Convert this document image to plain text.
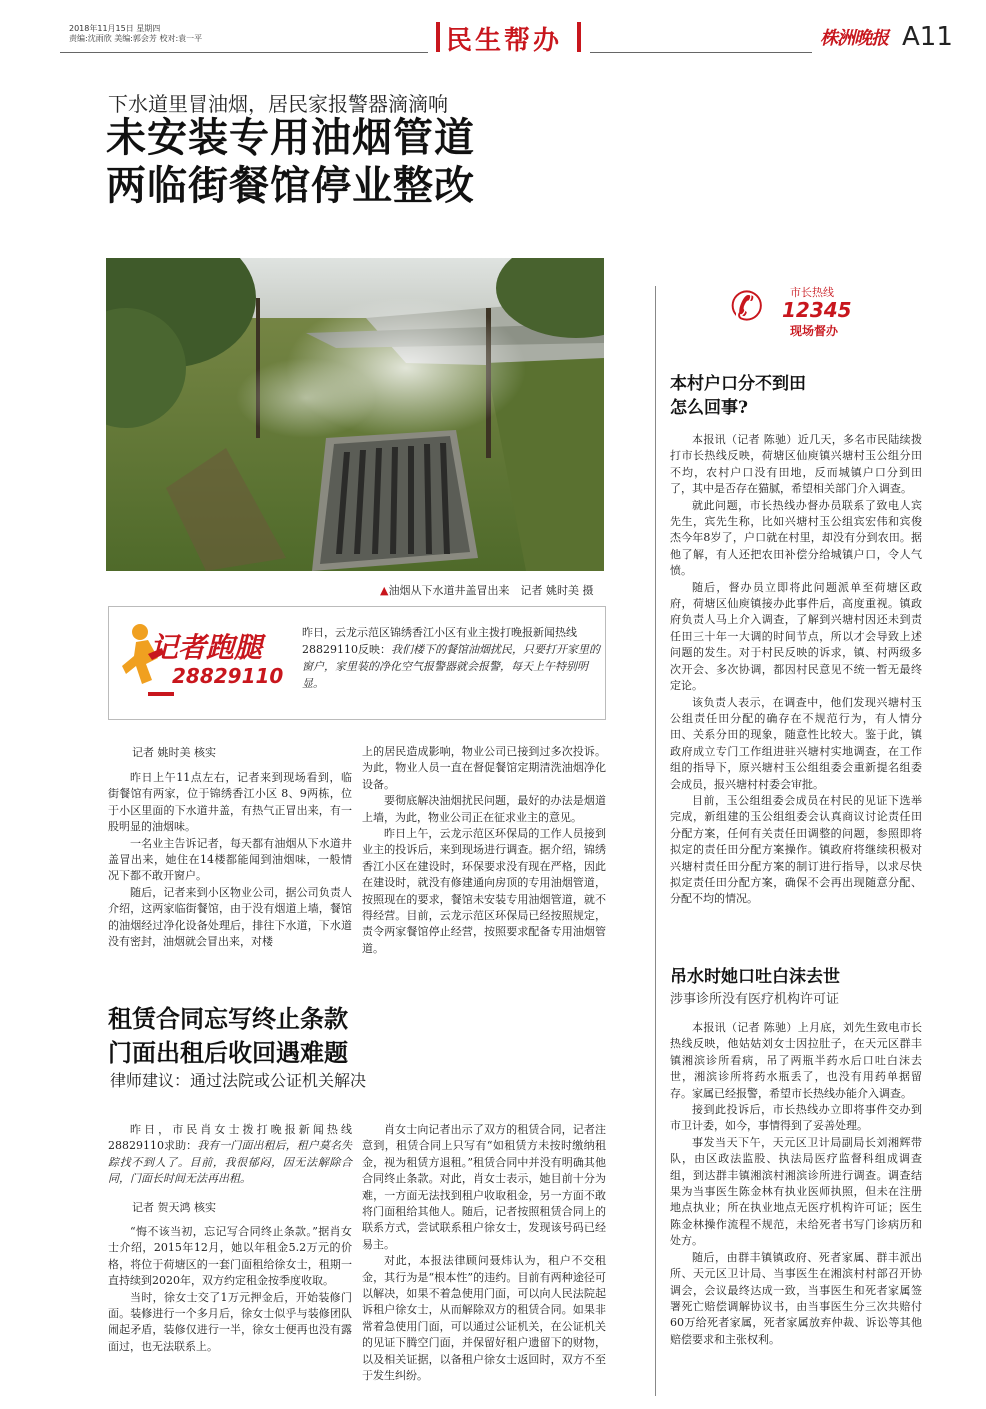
2018年11月15日 星期四
责编:沈雨欣 美编:郭会芳 校对:袁一平	民生帮办	株洲晚报 A11
下水道里冒油烟，居民家报警器滴滴响
未安装专用油烟管道
两临街餐馆停业整改
▲油烟从下水道井盖冒出来　记者 姚时美 摄
记者跑腿
28829110
昨日，云龙示范区锦绣香江小区有业主拨打晚报新闻热线28829110反映：我们楼下的餐馆油烟扰民，只要打开家里的窗户，家里装的净化空气报警器就会报警，每天上午特别明显。
记者 姚时美 核实

昨日上午11点左右，记者来到现场看到，临街餐馆有两家，位于锦绣香江小区 8、9两栋，位于小区里面的下水道井盖，有热气正冒出来，有一股明显的油烟味。

一名业主告诉记者，每天都有油烟从下水道井盖冒出来，她住在14楼都能闻到油烟味，一般情况下都不敢开窗户。

随后，记者来到小区物业公司，据公司负责人介绍，这两家临街餐馆，由于没有烟道上墙，餐馆的油烟经过净化设备处理后，排往下水道，下水道没有密封，油烟就会冒出来，对楼

上的居民造成影响，物业公司已接到过多次投诉。为此，物业人员一直在督促餐馆定期清洗油烟净化设备。

要彻底解决油烟扰民问题，最好的办法是烟道上墙，为此，物业公司正在征求业主的意见。

昨日上午，云龙示范区环保局的工作人员接到业主的投诉后，来到现场进行调查。据介绍，锦绣香江小区在建设时，环保要求没有现在严格，因此在建设时，就没有修建通向房顶的专用油烟管道，按照现在的要求，餐馆未安装专用油烟管道，就不得经营。目前，云龙示范区环保局已经按照规定，责令两家餐馆停止经营，按照要求配备专用油烟管道。

租赁合同忘写终止条款
门面出租后收回遇难题
律师建议：通过法院或公证机关解决

昨日，市民肖女士拨打晚报新闻热线28829110求助：我有一门面出租后，租户莫名失踪找不到人了。目前，我很郁闷，因无法解除合同，门面长时间无法再出租。

记者 贺天鸿 核实

“悔不该当初，忘记写合同终止条款。”据肖女士介绍，2015年12月，她以年租金5.2万元的价格，将位于荷塘区的一套门面租给徐女士，租期一直持续到2020年，双方约定租金按季度收取。

当时，徐女士交了1万元押金后，开始装修门面。装修进行一个多月后，徐女士似乎与装修团队闹起矛盾，装修仅进行一半，徐女士便再也没有露面过，也无法联系上。

肖女士向记者出示了双方的租赁合同，记者注意到，租赁合同上只写有“如租赁方未按时缴纳租金，视为租赁方退租。”租赁合同中并没有明确其他合同终止条款。对此，肖女士表示，她目前十分为难，一方面无法找到租户收取租金，另一方面不敢将门面租给其他人。随后，记者按照租赁合同上的联系方式，尝试联系租户徐女士，发现该号码已经易主。

对此，本报法律顾问聂炜认为，租户不交租金，其行为是“根本性”的违约。目前有两种途径可以解决，如果不着急使用门面，可以向人民法院起诉租户徐女士，从而解除双方的租赁合同。如果非常着急使用门面，可以通过公证机关，在公证机关的见证下腾空门面，并保留好租户遗留下的财物，以及相关证据，以备租户徐女士返回时，双方不至于发生纠纷。

✆ 市长热线
12345
现场督办
本村户口分不到田
怎么回事?

本报讯（记者 陈驰）近几天，多名市民陆续拨打市长热线反映，荷塘区仙庾镇兴塘村玉公组分田不均，农村户口没有田地，反而城镇户口分到田了，其中是否存在猫腻，希望相关部门介入调查。

就此问题，市长热线办督办员联系了致电人宾先生，宾先生称，比如兴塘村玉公组宾宏伟和宾俊杰今年8岁了，户口就在村里，却没有分到农田。据他了解，有人还把农田补偿分给城镇户口，令人气愤。

随后，督办员立即将此问题派单至荷塘区政府，荷塘区仙庾镇接办此事件后，高度重视。镇政府负责人马上介入调查，了解到兴塘村因还未到责任田三十年一大调的时间节点，所以才会导致上述问题的发生。对于村民反映的诉求，镇、村两级多次开会、多次协调，都因村民意见不统一暂无最终定论。

该负责人表示，在调查中，他们发现兴塘村玉公组责任田分配的确存在不规范行为，有人情分田、关系分田的现象，随意性比较大。鉴于此，镇政府成立专门工作组进驻兴塘村实地调查，在工作组的指导下，原兴塘村玉公组组委会重新提名组委会成员，报兴塘村村委会审批。

目前，玉公组组委会成员在村民的见证下选举完成，新组建的玉公组组委会认真商议讨论责任田分配方案，任何有关责任田调整的问题，参照即将拟定的责任田分配方案操作。镇政府将继续积极对兴塘村责任田分配方案的制订进行指导，以求尽快拟定责任田分配方案，确保不会再出现随意分配、分配不均的情况。

吊水时她口吐白沫去世
涉事诊所没有医疗机构许可证

本报讯（记者 陈驰）上月底，刘先生致电市长热线反映，他姑姑刘女士因拉肚子，在天元区群丰镇湘滨诊所看病，吊了两瓶半药水后口吐白沫去世，湘滨诊所将药水瓶丢了，也没有用药单据留存。家属已经报警，希望市长热线办能介入调查。

接到此投诉后，市长热线办立即将事件交办到市卫计委，如今，事情得到了妥善处理。

事发当天下午，天元区卫计局副局长刘湘辉带队，由区政法监股、执法局医疗监督科组成调查组，到达群丰镇湘滨村湘滨诊所进行调查。调查结果为当事医生陈金林有执业医师执照，但未在注册地点执业；所在执业地点无医疗机构许可证；医生陈金林操作流程不规范，未给死者书写门诊病历和处方。

随后，由群丰镇镇政府、死者家属、群丰派出所、天元区卫计局、当事医生在湘滨村村部召开协调会，会议最终达成一致，当事医生和死者家属签署死亡赔偿调解协议书，由当事医生分三次共赔付60万给死者家属，死者家属放弃仲裁、诉讼等其他赔偿要求和主张权利。
